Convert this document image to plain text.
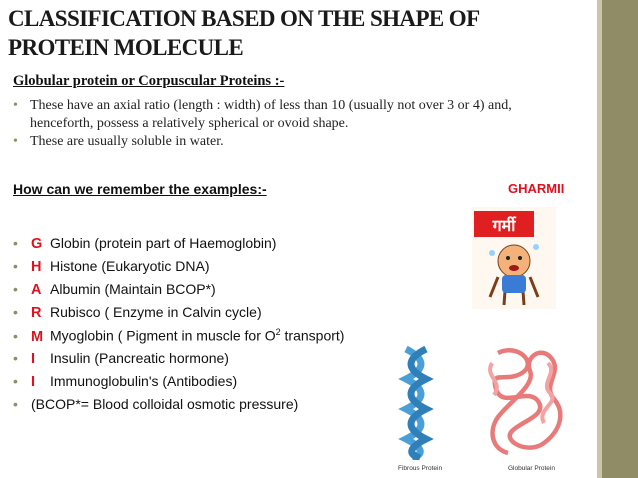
CLASSIFICATION BASED ON THE SHAPE OF
PROTEIN MOLECULE
Globular protein or Corpuscular Proteins :-
• These have an axial ratio (length : width) of less than 10 (usually not over 3 or 4) and,
henceforth, possess a relatively spherical or ovoid shape.
• These are usually soluble in water.
How can we remember the examples:-	GHARMII
• G Globin (protein part of Haemoglobin)
• H Histone (Eukaryotic DNA)
• A Albumin (Maintain BCOP*)
• R Rubisco ( Enzyme in Calvin cycle)
• M Myoglobin ( Pigment in muscle for $O^2$ transport)
• I Insulin (Pancreatic hormone)
• I Immunoglobulin's (Antibodies)
• (BCOP*= Blood colloidal osmotic pressure)
गर्मी
Fibrous Protein	Globular Protein
